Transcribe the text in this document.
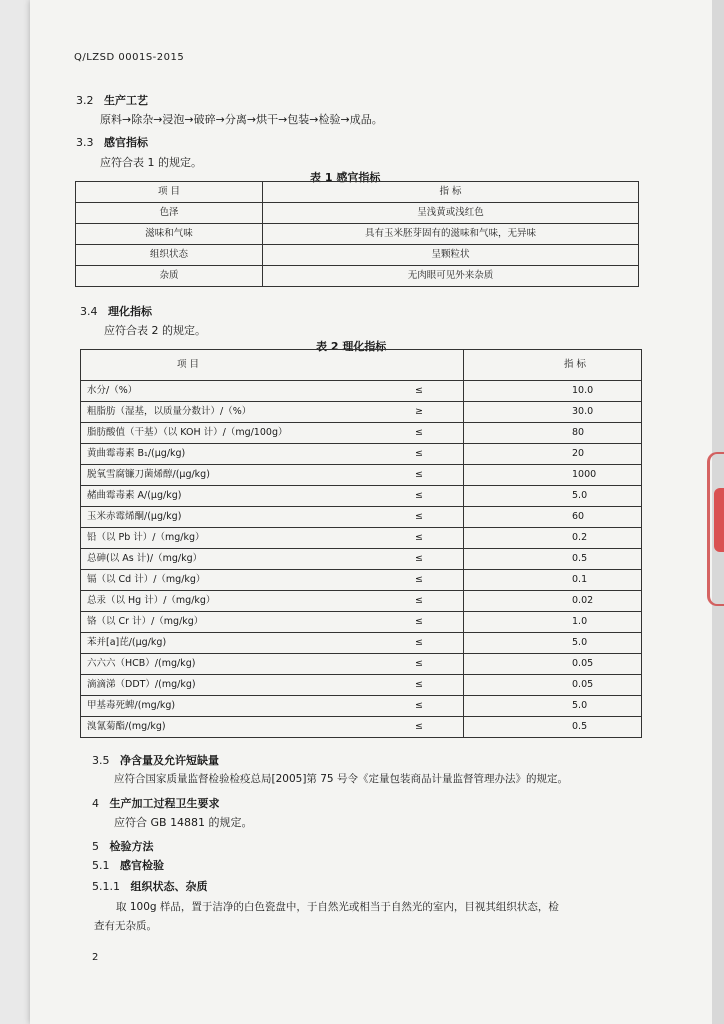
Q/LZSD 0001S-2015
3.2 生产工艺
原料→除杂→浸泡→破碎→分离→烘干→包装→检验→成品。
3.3 感官指标
应符合表 1 的规定。
表 1 感官指标
项 目	指 标
色泽	呈浅黄或浅红色
滋味和气味	具有玉米胚芽固有的滋味和气味，无异味
组织状态	呈颗粒状
杂质	无肉眼可见外来杂质
3.4 理化指标
应符合表 2 的规定。
表 2 理化指标
项 目		指 标
水分/（%）	≤	10.0
粗脂肪（湿基，以质量分数计）/（%）	≥	30.0
脂肪酸值（干基）（以 KOH 计）/（mg/100g）	≤	80
黄曲霉毒素 B₁/(μg/kg)	≤	20
脱氧雪腐镰刀菌烯醇/(μg/kg)	≤	1000
赭曲霉毒素 A/(μg/kg)	≤	5.0
玉米赤霉烯酮/(μg/kg)	≤	60
铅（以 Pb 计）/（mg/kg）	≤	0.2
总砷(以 As 计)/（mg/kg）	≤	0.5
镉（以 Cd 计）/（mg/kg）	≤	0.1
总汞（以 Hg 计）/（mg/kg）	≤	0.02
铬（以 Cr 计）/（mg/kg）	≤	1.0
苯并[a]芘/(μg/kg)	≤	5.0
六六六（HCB）/(mg/kg)	≤	0.05
滴滴涕（DDT）/(mg/kg)	≤	0.05
甲基毒死蜱/(mg/kg)	≤	5.0
溴氰菊酯/(mg/kg)	≤	0.5
3.5 净含量及允许短缺量
应符合国家质量监督检验检疫总局[2005]第 75 号令《定量包装商品计量监督管理办法》的规定。
4 生产加工过程卫生要求
应符合 GB 14881 的规定。
5 检验方法
5.1 感官检验
5.1.1 组织状态、杂质
取 100g 样品，置于洁净的白色瓷盘中，于自然光或相当于自然光的室内，目视其组织状态，检
查有无杂质。
2
